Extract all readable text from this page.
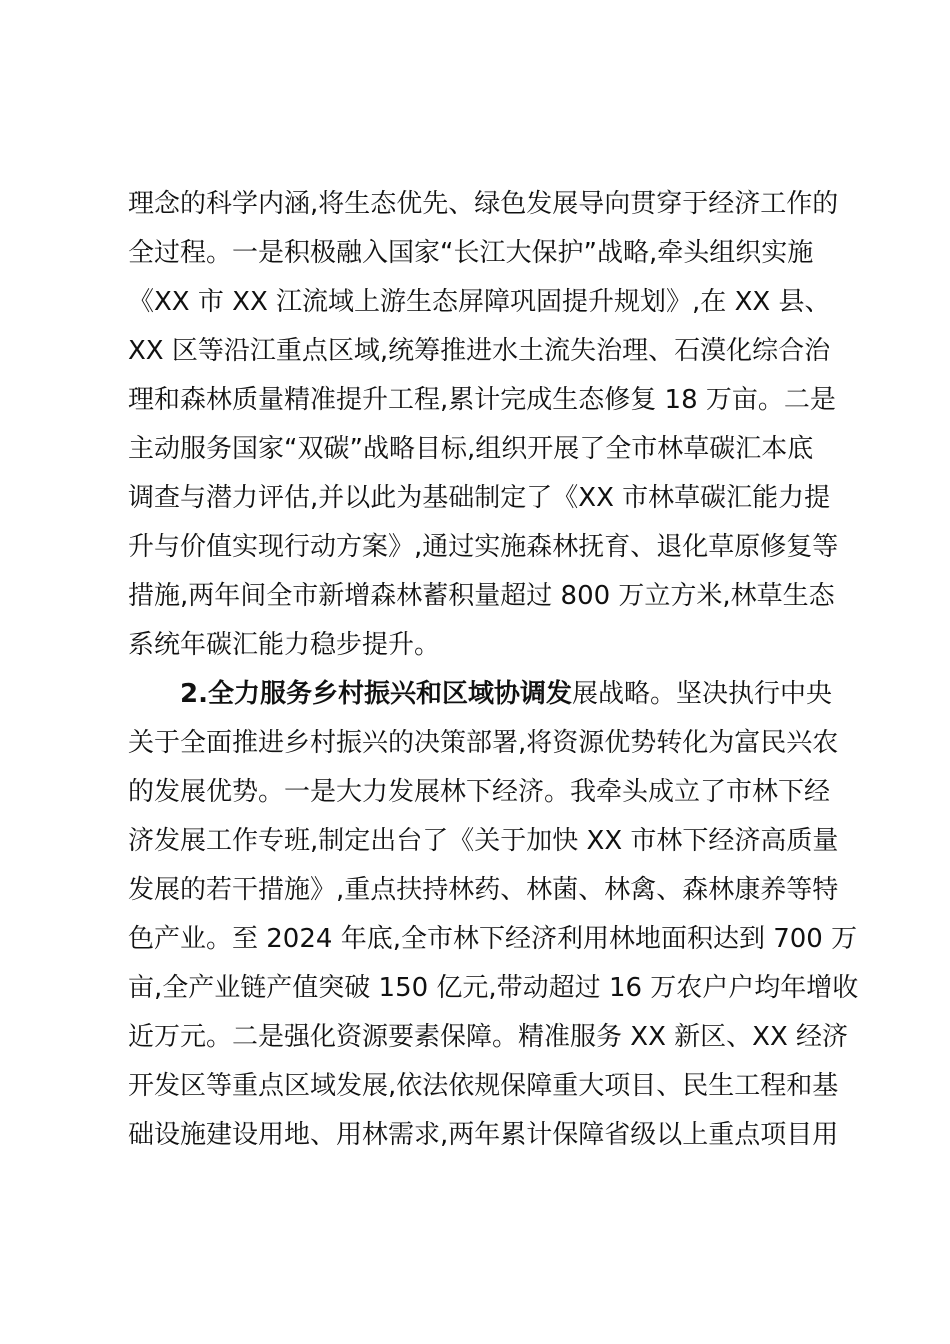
理念的科学内涵,将生态优先、绿色发展导向贯穿于经济工作的
全过程。一是积极融入国家“长江大保护”战略,牵头组织实施
《XX 市 XX 江流域上游生态屏障巩固提升规划》,在 XX 县、
XX 区等沿江重点区域,统筹推进水土流失治理、石漠化综合治
理和森林质量精准提升工程,累计完成生态修复 18 万亩。二是
主动服务国家“双碳”战略目标,组织开展了全市林草碳汇本底
调查与潜力评估,并以此为基础制定了《XX 市林草碳汇能力提
升与价值实现行动方案》,通过实施森林抚育、退化草原修复等
措施,两年间全市新增森林蓄积量超过 800 万立方米,林草生态
系统年碳汇能力稳步提升。
2.全力服务乡村振兴和区域协调发展战略。坚决执行中央
关于全面推进乡村振兴的决策部署,将资源优势转化为富民兴农
的发展优势。一是大力发展林下经济。我牵头成立了市林下经
济发展工作专班,制定出台了《关于加快 XX 市林下经济高质量
发展的若干措施》,重点扶持林药、林菌、林禽、森林康养等特
色产业。至 2024 年底,全市林下经济利用林地面积达到 700 万
亩,全产业链产值突破 150 亿元,带动超过 16 万农户户均年增收
近万元。二是强化资源要素保障。精准服务 XX 新区、XX 经济
开发区等重点区域发展,依法依规保障重大项目、民生工程和基
础设施建设用地、用林需求,两年累计保障省级以上重点项目用
